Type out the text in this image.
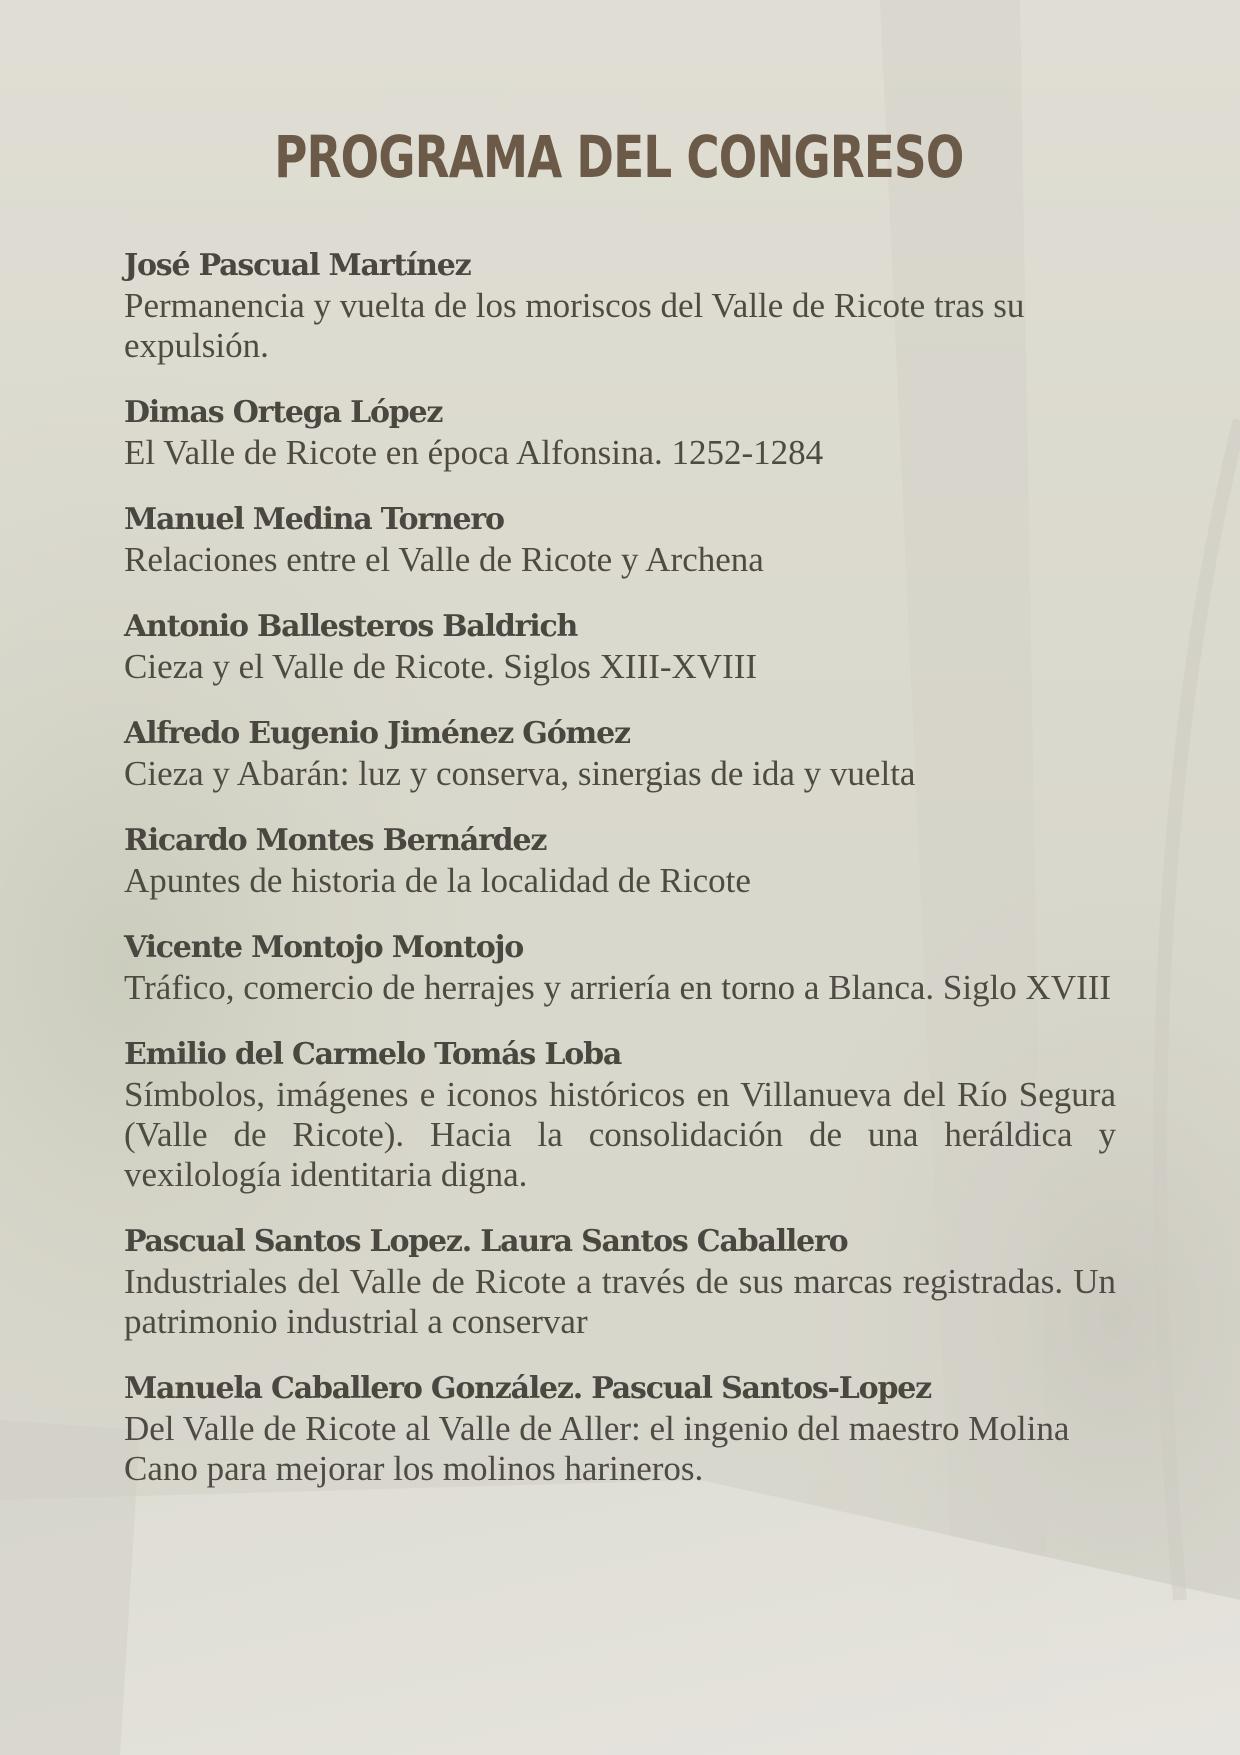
PROGRAMA DEL CONGRESO

José Pascual Martínez

Permanencia y vuelta de los moriscos del Valle de Ricote tras su expulsión.

Dimas Ortega López

El Valle de Ricote en época Alfonsina. 1252-1284

Manuel Medina Tornero

Relaciones entre el Valle de Ricote y Archena

Antonio Ballesteros Baldrich

Cieza y el Valle de Ricote. Siglos XIII-XVIII

Alfredo Eugenio Jiménez Gómez

Cieza y Abarán: luz y conserva, sinergias de ida y vuelta

Ricardo Montes Bernárdez

Apuntes de historia de la localidad de Ricote

Vicente Montojo Montojo

Tráfico, comercio de herrajes y arriería en torno a Blanca. Siglo XVIII

Emilio del Carmelo Tomás Loba

Símbolos, imágenes e iconos históricos en Villanueva del Río Segura (Valle de Ricote). Hacia la consolidación de una heráldica y vexilología identitaria digna.

Pascual Santos Lopez. Laura Santos Caballero

Industriales del Valle de Ricote a través de sus marcas registradas. Un patrimonio industrial a conservar

Manuela Caballero González. Pascual Santos-Lopez

Del Valle de Ricote al Valle de Aller: el ingenio del maestro Molina Cano para mejorar los molinos harineros.
